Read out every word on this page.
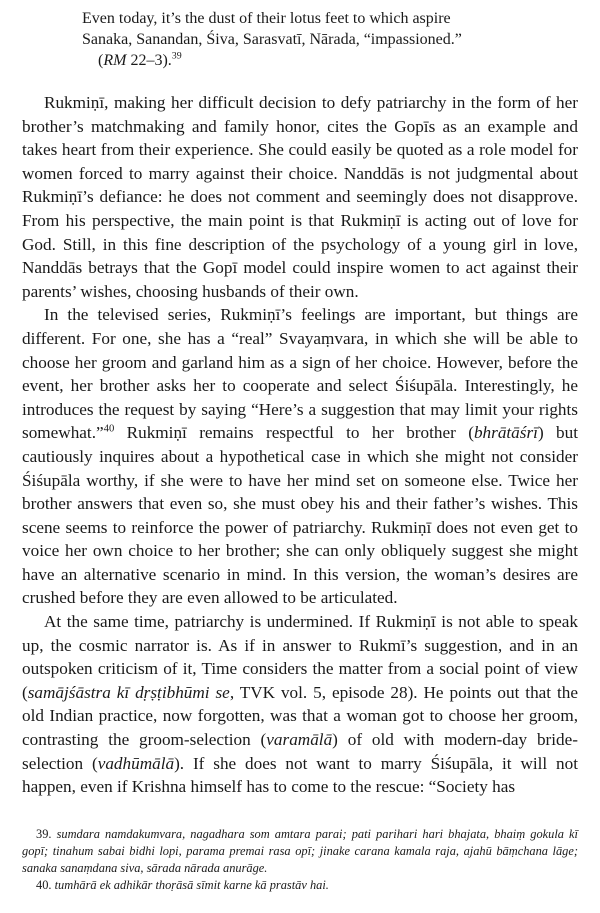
Even today, it’s the dust of their lotus feet to which aspire
Sanaka, Sanandan, Śiva, Sarasvatī, Nārada, “impassioned.”
(RM 22–3).$^{39}$

Rukmiṇī, making her difficult decision to defy patriarchy in the form of her brother’s matchmaking and family honor, cites the Gopīs as an example and takes heart from their experience. She could easily be quoted as a role model for women forced to marry against their choice. Nanddās is not judgmental about Rukmiṇī’s defiance: he does not comment and seemingly does not disapprove. From his perspective, the main point is that Rukmiṇī is acting out of love for God. Still, in this fine description of the psychology of a young girl in love, Nanddās betrays that the Gopī model could inspire women to act against their parents’ wishes, choosing husbands of their own.

In the televised series, Rukmiṇī’s feelings are important, but things are different. For one, she has a “real” Svayaṃvara, in which she will be able to choose her groom and garland him as a sign of her choice. However, before the event, her brother asks her to cooperate and select Śiśupāla. Interestingly, he introduces the request by saying “Here’s a suggestion that may limit your rights somewhat.”$^{40}$ Rukmiṇī remains respectful to her brother (bhrātāśrī) but cautiously inquires about a hypothetical case in which she might not consider Śiśupāla worthy, if she were to have her mind set on someone else. Twice her brother answers that even so, she must obey his and their father’s wishes. This scene seems to reinforce the power of patriarchy. Rukmiṇī does not even get to voice her own choice to her brother; she can only obliquely suggest she might have an alternative scenario in mind. In this version, the woman’s desires are crushed before they are even allowed to be articulated.

At the same time, patriarchy is undermined. If Rukmiṇī is not able to speak up, the cosmic narrator is. As if in answer to Rukmī’s suggestion, and in an outspoken criticism of it, Time considers the matter from a social point of view (samājśāstra kī dṛṣṭibhūmi se, TVK vol. 5, episode 28). He points out that the old Indian practice, now forgotten, was that a woman got to choose her groom, contrasting the groom-selection (varamālā) of old with modern-day bride-selection (vadhūmālā). If she does not want to marry Śiśupāla, it will not happen, even if Krishna himself has to come to the rescue: “Society has

39. sumdara namdakumvara, nagadhara som amtara parai; pati parihari hari bhajata, bhaiṃ gokula kī gopī; tinahum sabai bidhi lopi, parama premai rasa opī; jinake carana kamala raja, ajahū bāṃchana lāge; sanaka sanaṃdana siva, sārada nārada anurāge.

40. tumhārā ek adhikār thoṛāsā sīmit karne kā prastāv hai.
